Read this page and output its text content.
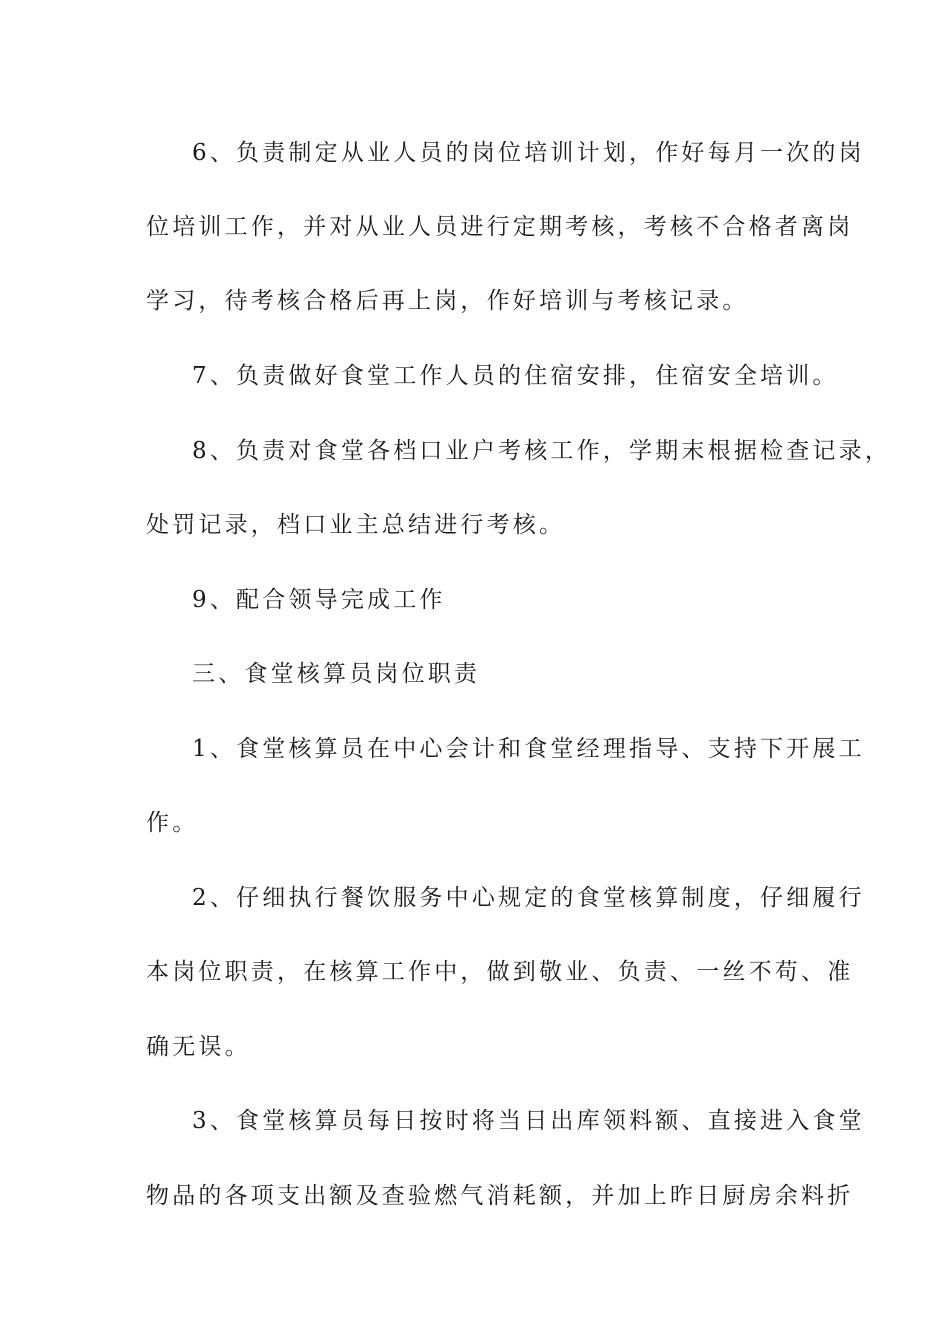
6、负责制定从业人员的岗位培训计划，作好每月一次的岗
位培训工作，并对从业人员进行定期考核，考核不合格者离岗
学习，待考核合格后再上岗，作好培训与考核记录。
7、负责做好食堂工作人员的住宿安排，住宿安全培训。
8、负责对食堂各档口业户考核工作，学期末根据检查记录，
处罚记录，档口业主总结进行考核。
9、配合领导完成工作
三、食堂核算员岗位职责
1、食堂核算员在中心会计和食堂经理指导、支持下开展工
作。
2、仔细执行餐饮服务中心规定的食堂核算制度，仔细履行
本岗位职责，在核算工作中，做到敬业、负责、一丝不苟、准
确无误。
3、食堂核算员每日按时将当日出库领料额、直接进入食堂
物品的各项支出额及查验燃气消耗额，并加上昨日厨房余料折
